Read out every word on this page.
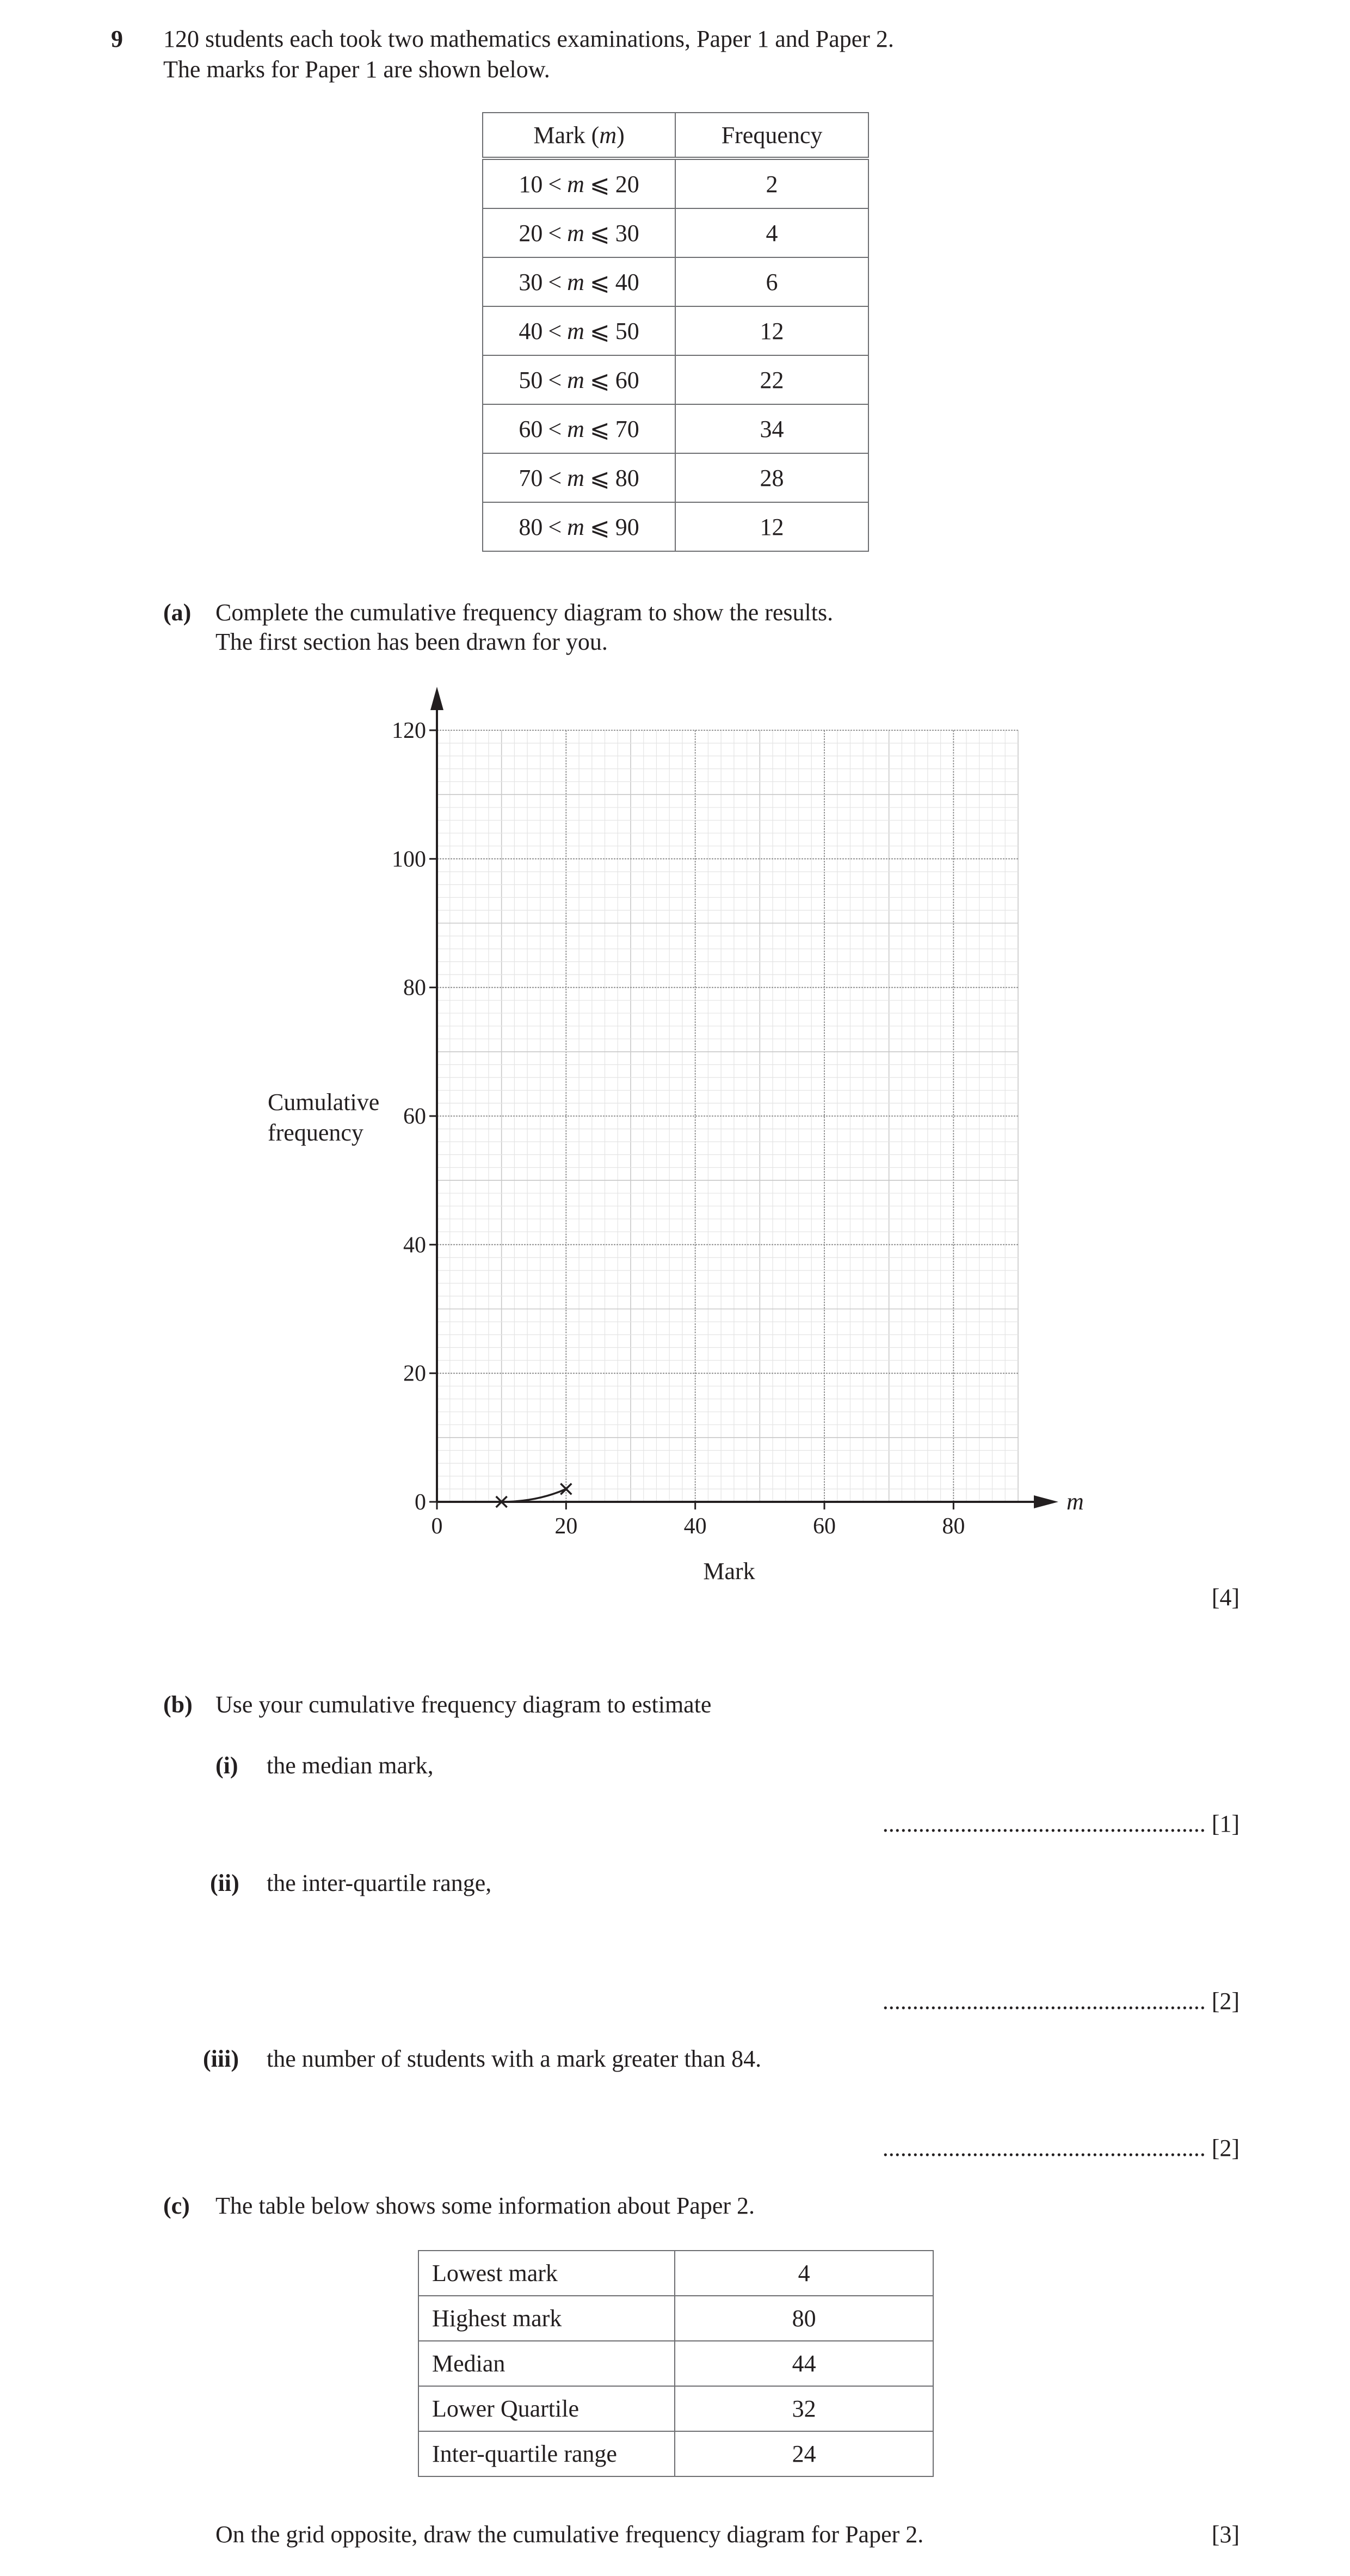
9 120 students each took two mathematics examinations, Paper 1 and Paper 2.
The marks for Paper 1 are shown below.
Mark (m)	Frequency
10 < m ⩽ 20	2
20 < m ⩽ 30	4
30 < m ⩽ 40	6
40 < m ⩽ 50	12
50 < m ⩽ 60	22
60 < m ⩽ 70	34
70 < m ⩽ 80	28
80 < m ⩽ 90	12
(a) Complete the cumulative frequency diagram to show the results.
The first section has been drawn for you.
0	20	40	60	80
0
20
40
60
80
100
120
Mark
m
Cumulative
frequency
[4]
(b) Use your cumulative frequency diagram to estimate
(i) the median mark,
...................................................... [1]
(ii) the inter-quartile range,
...................................................... [2]
(iii) the number of students with a mark greater than 84.
...................................................... [2]
(c) The table below shows some information about Paper 2.
Lowest mark	4
Highest mark	80
Median	44
Lower Quartile	32
Inter-quartile range	24
On the grid opposite, draw the cumulative frequency diagram for Paper 2.	[3]
